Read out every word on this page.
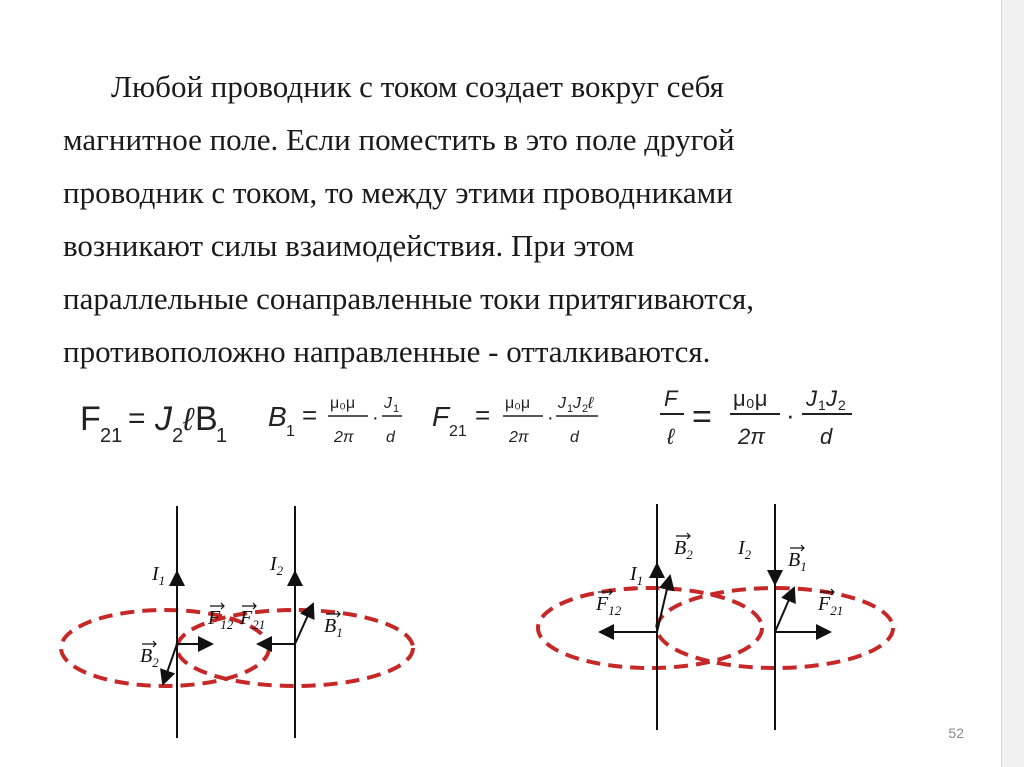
Любой проводник с током создает вокруг себя
магнитное поле. Если поместить в это поле другой
проводник с током, то между этими проводниками
возникают силы взаимодействия. При этом
параллельные сонаправленные токи притягиваются,
противоположно направленные - отталкиваются.

F 21
= J 2 ℓ B
1
B 1
= μ₀μ
2π
·
J 1
d
F 21
= μ₀μ
2π
·
J 1 J 2 ℓ
d
F
ℓ
= μ₀μ
2π
·
J 1 J 2
d
$I_1$
$I_2$
$F_{12}$ $F_{21}$	$B_1$
$B_2$
$I_1$
$I_2$
$F_{12}$	$F_{21}$
$B_1$
$B_2$
52
